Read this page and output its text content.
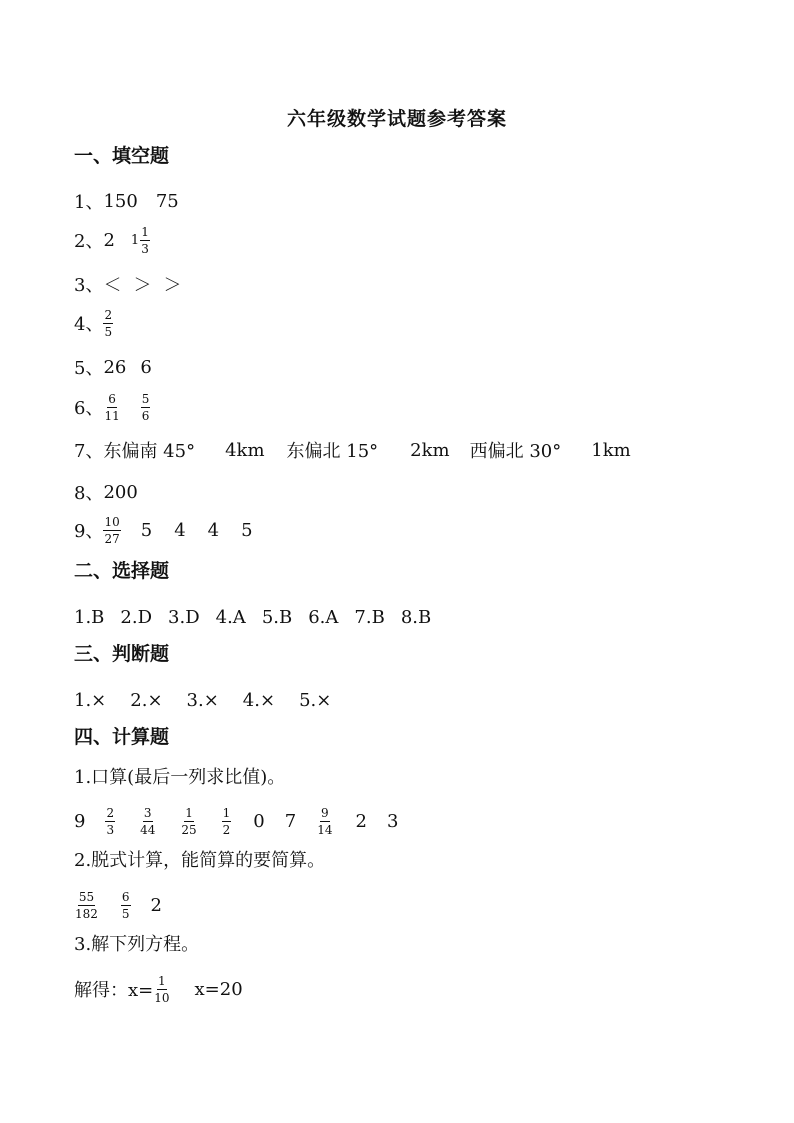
六年级数学试题参考答案
一、填空题
1、 150 75
2、 2 $1 \frac{1}{3}$
3、 ＜ ＞ ＞
4、 $\frac{2}{5}$
5、 26 6
6、 $\frac{6}{11} \frac{5}{6}$
7、 东偏南 45° 4km 东偏北 15° 2km 西偏北 30° 1km
8、 200
9、 $\frac{10}{27} 5$ 4 4 5
二、选择题
1.B 2.D 3.D 4.A 5.B 6.A 7.B 8.B
三、判断题
1.× 2.× 3.× 4.× 5.×
四、计算题
1.口算(最后一列求比值)。
$9 \frac{2}{3} \frac{3}{44} \frac{1}{25} \frac{1}{2} 0$ $7 \frac{9}{14} 2$ 3
2.脱式计算，能简算的要简算。
$\frac{55}{182} \frac{6}{5} 2$
3.解下列方程。
解得：$x= \frac{1}{10} x=20$
